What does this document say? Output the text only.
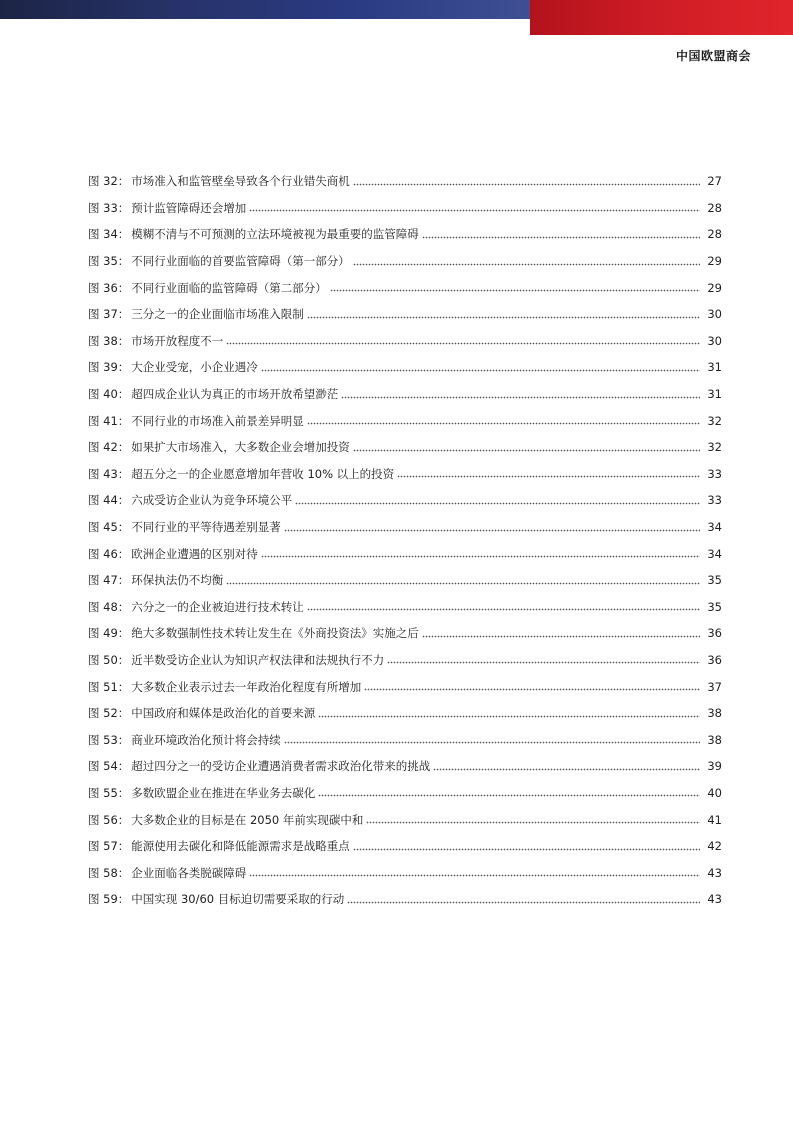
中国欧盟商会
图 32： 市场准入和监管壁垒导致各个行业错失商机	27
图 33： 预计监管障碍还会增加	28
图 34： 模糊不清与不可预测的立法环境被视为最重要的监管障碍	28
图 35： 不同行业面临的首要监管障碍（第一部分）	29
图 36： 不同行业面临的监管障碍（第二部分）	29
图 37： 三分之一的企业面临市场准入限制	30
图 38： 市场开放程度不一	30
图 39： 大企业受宠，小企业遇冷	31
图 40： 超四成企业认为真正的市场开放希望渺茫	31
图 41： 不同行业的市场准入前景差异明显	32
图 42： 如果扩大市场准入，大多数企业会增加投资	32
图 43： 超五分之一的企业愿意增加年营收 10% 以上的投资	33
图 44： 六成受访企业认为竞争环境公平	33
图 45： 不同行业的平等待遇差别显著	34
图 46： 欧洲企业遭遇的区别对待	34
图 47： 环保执法仍不均衡	35
图 48： 六分之一的企业被迫进行技术转让	35
图 49： 绝大多数强制性技术转让发生在《外商投资法》实施之后	36
图 50： 近半数受访企业认为知识产权法律和法规执行不力	36
图 51： 大多数企业表示过去一年政治化程度有所增加	37
图 52： 中国政府和媒体是政治化的首要来源	38
图 53： 商业环境政治化预计将会持续	38
图 54： 超过四分之一的受访企业遭遇消费者需求政治化带来的挑战	39
图 55： 多数欧盟企业在推进在华业务去碳化	40
图 56： 大多数企业的目标是在 2050 年前实现碳中和	41
图 57： 能源使用去碳化和降低能源需求是战略重点	42
图 58： 企业面临各类脱碳障碍	43
图 59： 中国实现 30/60 目标迫切需要采取的行动	43
